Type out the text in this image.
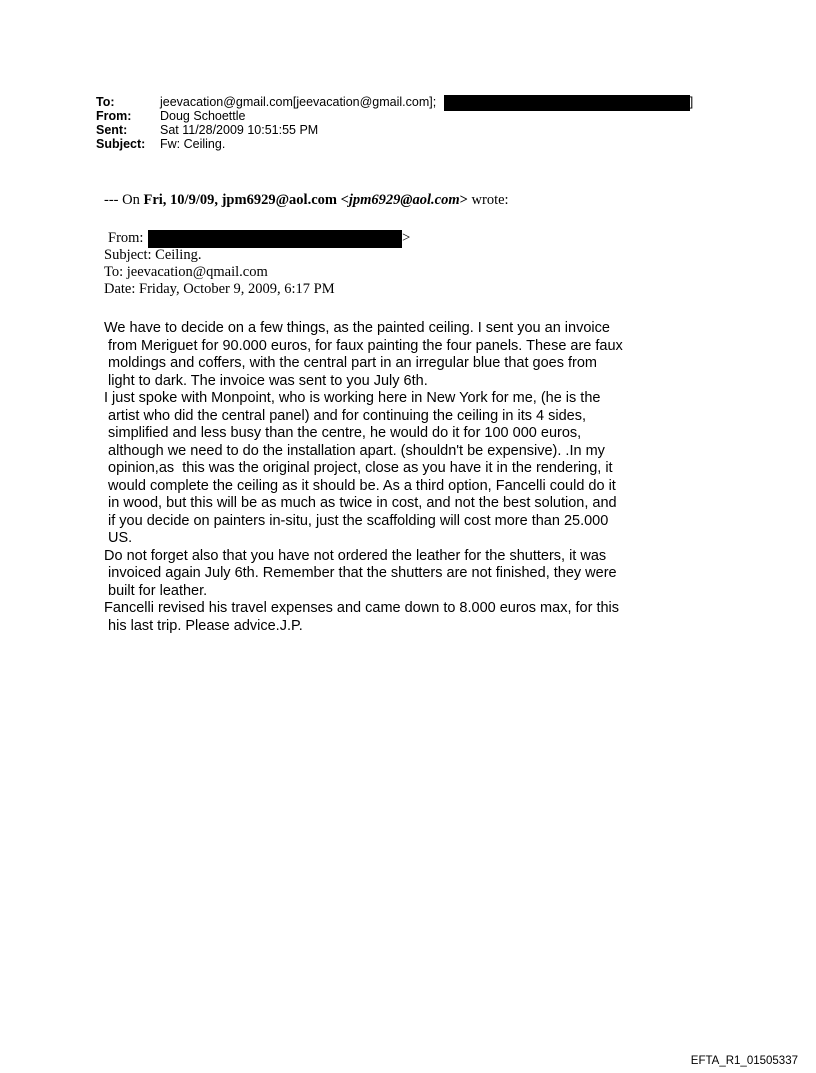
To:	jeevacation@gmail.com[jeevacation@gmail.com];	]
From: Doug Schoettle
Sent:	Sat 11/28/2009 10:51:55 PM
Subject: Fw: Ceiling.
--- On Fri, 10/9/09, jpm6929@aol.com <jpm6929@aol.com> wrote:
From:	>
Subject: Ceiling.
To: jeevacation@qmail.com
Date: Friday, October 9, 2009, 6:17 PM
We have to decide on a few things, as the painted ceiling. I sent you an invoice
from Meriguet for 90.000 euros, for faux painting the four panels. These are faux
moldings and coffers, with the central part in an irregular blue that goes from
light to dark. The invoice was sent to you July 6th.
I just spoke with Monpoint, who is working here in New York for me, (he is the
artist who did the central panel) and for continuing the ceiling in its 4 sides,
simplified and less busy than the centre, he would do it for 100 000 euros,
although we need to do the installation apart. (shouldn't be expensive). .In my
opinion,as  this was the original project, close as you have it in the rendering, it
would complete the ceiling as it should be. As a third option, Fancelli could do it
in wood, but this will be as much as twice in cost, and not the best solution, and
if you decide on painters in-situ, just the scaffolding will cost more than 25.000
US.
Do not forget also that you have not ordered the leather for the shutters, it was
invoiced again July 6th. Remember that the shutters are not finished, they were
built for leather.
Fancelli revised his travel expenses and came down to 8.000 euros max, for this
his last trip. Please advice.J.P.
EFTA_R1_01505337
